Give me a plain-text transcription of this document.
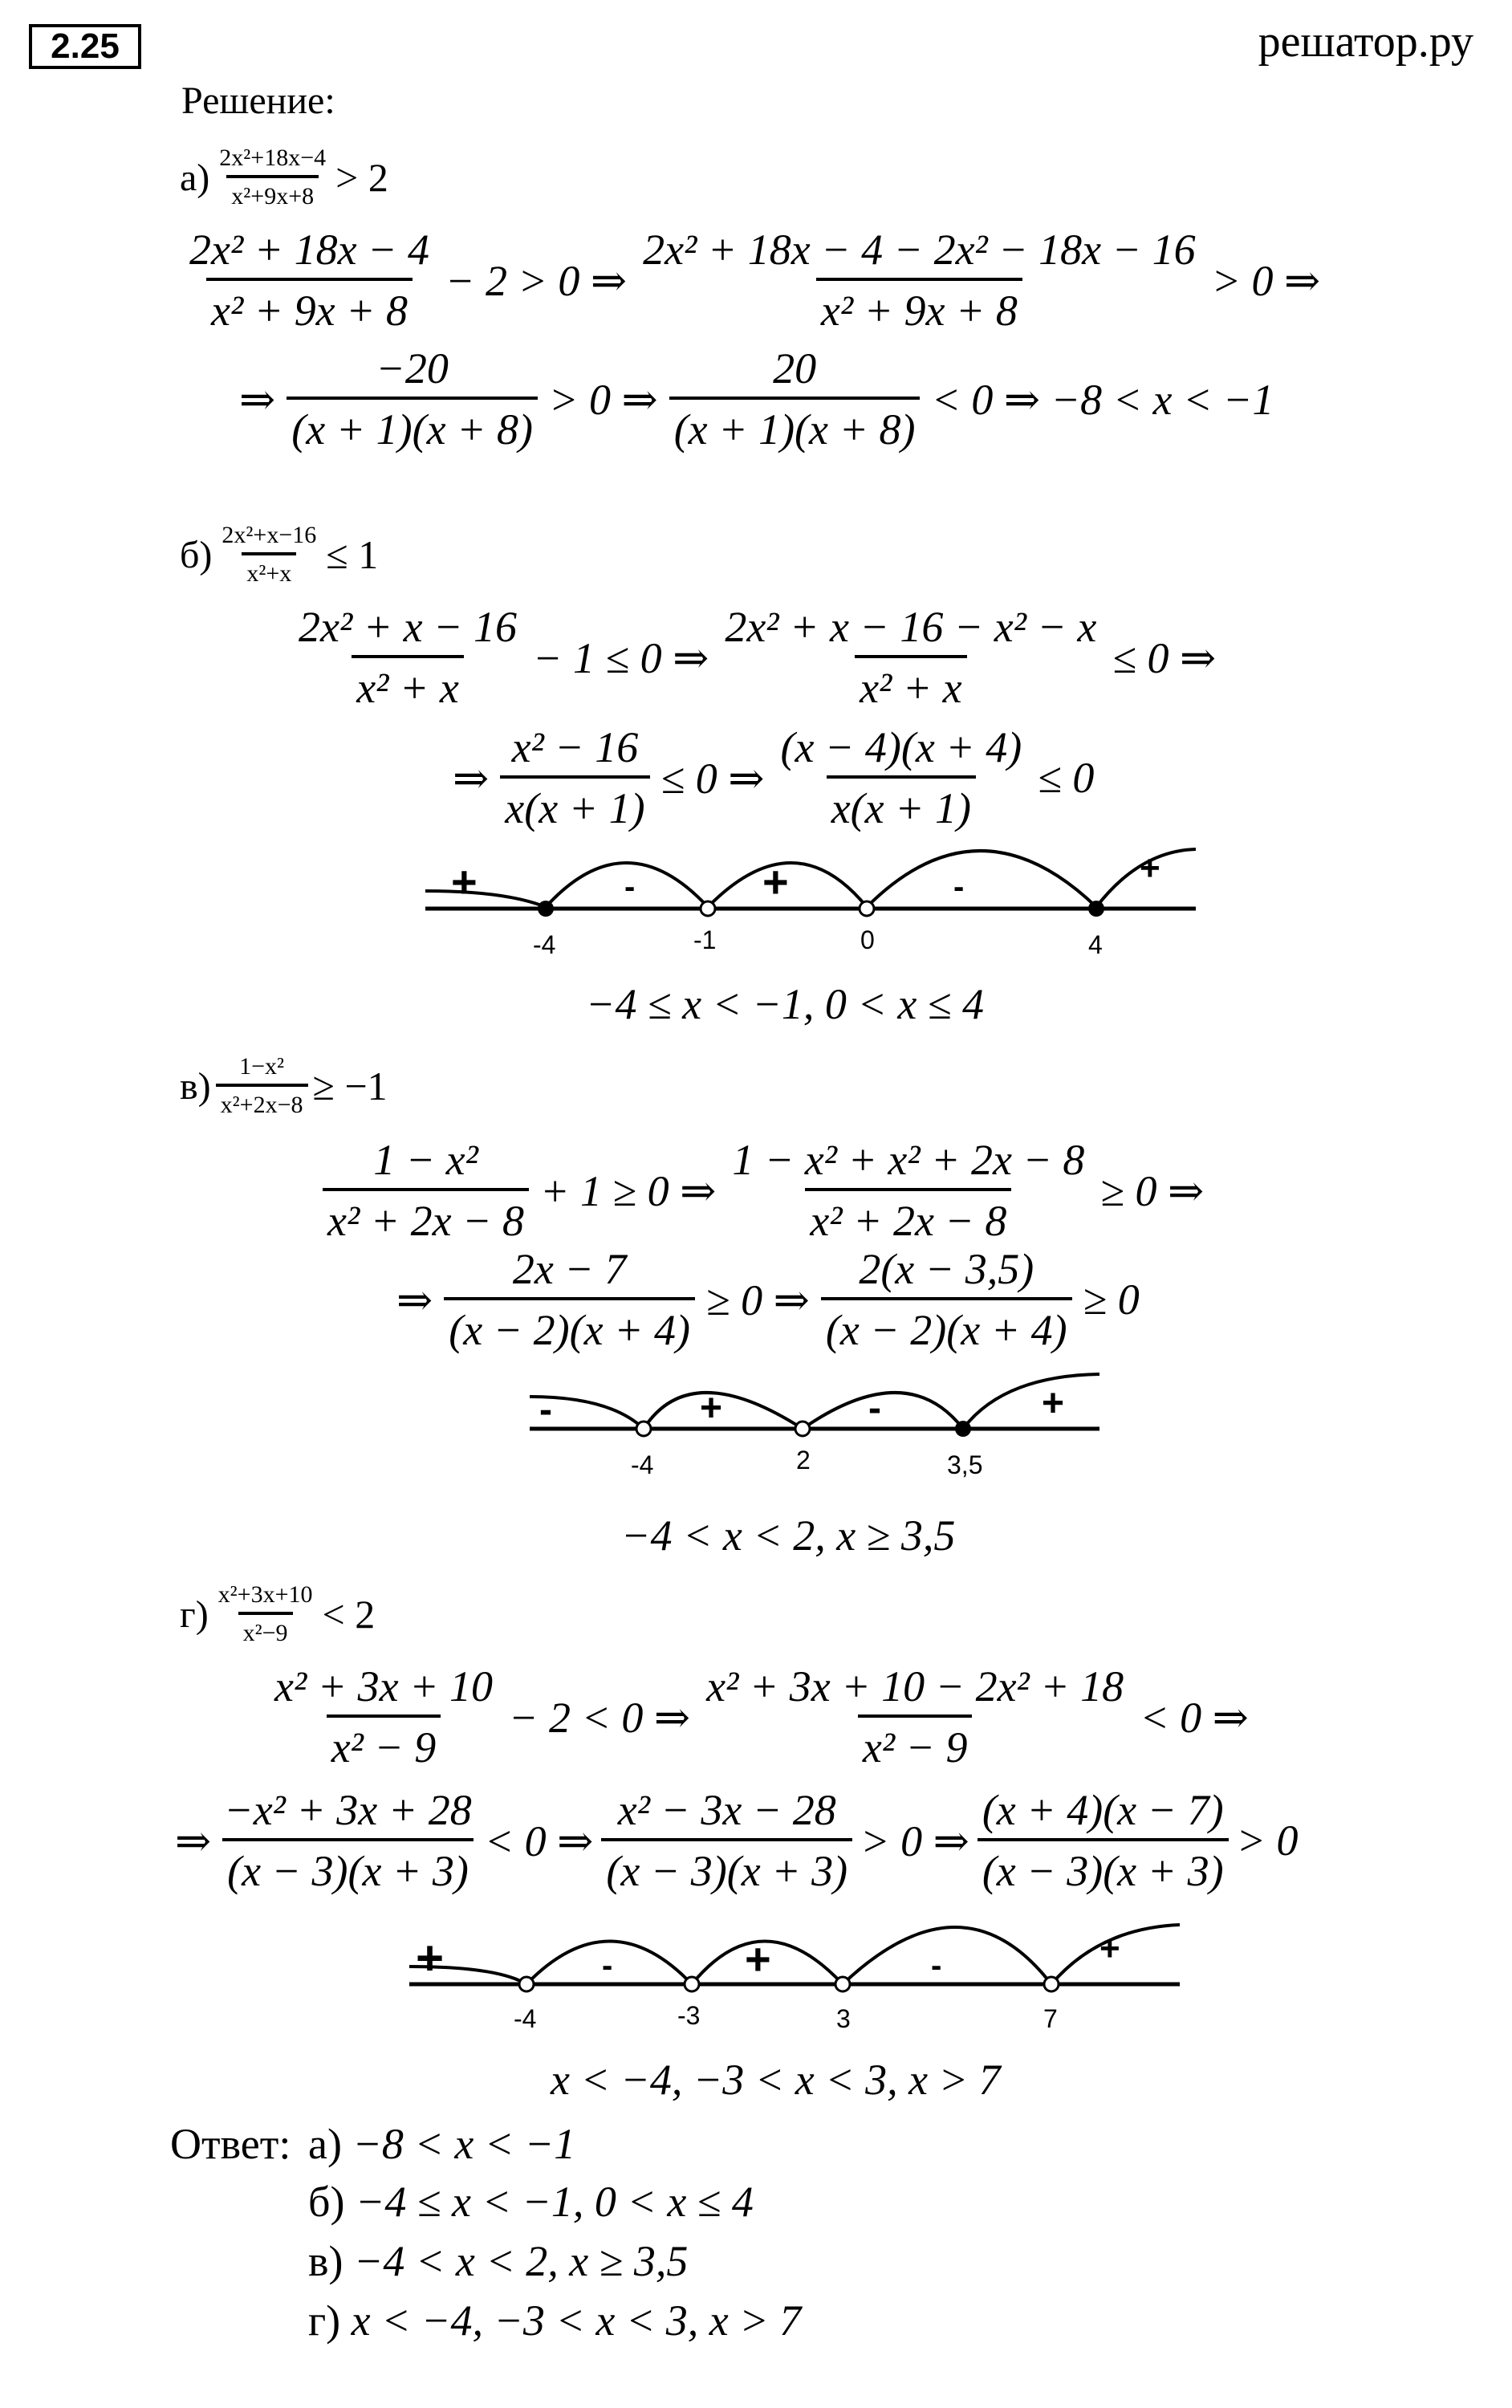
2.25	решатор.ру
Решение:
$а) \frac{\text{2x²+18x−4}}{\text{x²+9x+8}} > 2$
$\frac{\text{2x² + 18x − 4}}{\text{x² + 9x + 8}} - 2 > 0$ ⇒ $\frac{\text{2x² + 18x − 4 − 2x² − 18x − 16}}{\text{x² + 9x + 8}} > 0$ ⇒
⇒ $\frac{-20}{(x + 1)(x + 8)} > 0$ ⇒ $\frac{20}{(x + 1)(x + 8)} < 0$ ⇒ −8 < x < −1
$б) \frac{\text{2x²+x−16}}{\text{x²+x}} \le 1$
$\frac{\text{2x² + x − 16}}{\text{x² + x}} - 1 \le 0$ ⇒ $\frac{\text{2x² + x − 16 − x² − x}}{\text{x² + x}} \le 0$ ⇒
⇒ $\frac{\text{x² − 16}}{x(x + 1)} \le 0$ ⇒ $\frac{(x - 4)(x + 4)}{x(x + 1)} \le 0$
+	-	+	-	+
-4	-1	0	4
−4 ≤ x < −1, 0 < x ≤ 4
$в) \frac{\text{1−x²}}{\text{x²+2x−8}} \ge -1$
$\frac{\text{1 − x²}}{\text{x² + 2x − 8}} + 1 \ge 0$ ⇒ $\frac{\text{1 − x² + x² + 2x − 8}}{\text{x² + 2x − 8}} \ge 0$ ⇒
⇒ $\frac{2x - 7}{(x - 2)(x + 4)} \ge 0$ ⇒ $\frac{2(x - 3,5)}{(x - 2)(x + 4)} \ge 0$
-	+	-	+
-4	2	3,5
−4 < x < 2, x ≥ 3,5
$г) \frac{\text{x²+3x+10}}{\text{x²−9}} < 2$
$\frac{\text{x² + 3x + 10}}{\text{x² − 9}} - 2 < 0$ ⇒ $\frac{\text{x² + 3x + 10 − 2x² + 18}}{\text{x² − 9}} < 0$ ⇒
⇒ $\frac{\text{−x² + 3x + 28}}{(x - 3)(x + 3)} < 0$ ⇒ $\frac{\text{x² − 3x − 28}}{(x - 3)(x + 3)} > 0$ ⇒ $\frac{(x + 4)(x - 7)}{(x - 3)(x + 3)} > 0$
+	-	+	-	+
-4	-3	3	7
x < −4, −3 < x < 3, x > 7
Ответ: а) −8 < x < −1
б) −4 ≤ x < −1, 0 < x ≤ 4
в) −4 < x < 2, x ≥ 3,5
г) x < −4, −3 < x < 3, x > 7
